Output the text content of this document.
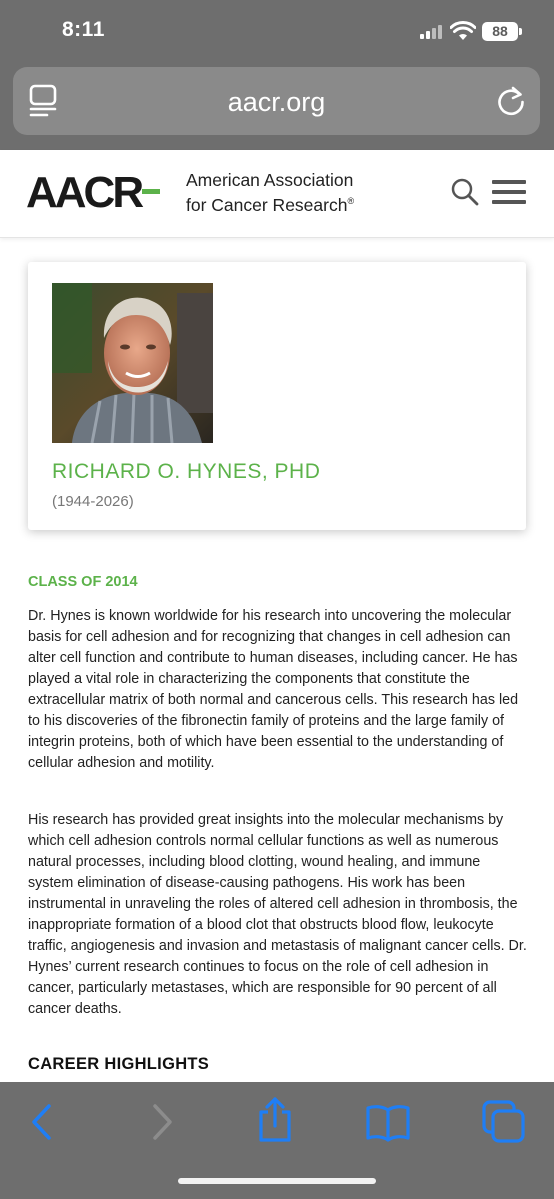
8:11	88
aacr.org
AACR	American Association
for Cancer Research®
RICHARD O. HYNES, PHD
(1944-2026)
CLASS OF 2014

Dr. Hynes is known worldwide for his research into uncovering the molecular basis for cell adhesion and for recognizing that changes in cell adhesion can alter cell function and contribute to human diseases, including cancer. He has played a vital role in characterizing the components that constitute the extracellular matrix of both normal and cancerous cells. This research has led to his discoveries of the fibronectin family of proteins and the large family of integrin proteins, both of which have been essential to the understanding of cellular adhesion and motility.

His research has provided great insights into the molecular mechanisms by which cell adhesion controls normal cellular functions as well as numerous natural processes, including blood clotting, wound healing, and immune system elimination of disease-causing pathogens. His work has been instrumental in unraveling the roles of altered cell adhesion in thrombosis, the inappropriate formation of a blood clot that obstructs blood flow, leukocyte traffic, angiogenesis and invasion and metastasis of malignant cancer cells. Dr. Hynes’ current research continues to focus on the role of cell adhesion in cancer, particularly metastases, which are responsible for 90 percent of all cancer deaths.

CAREER HIGHLIGHTS
